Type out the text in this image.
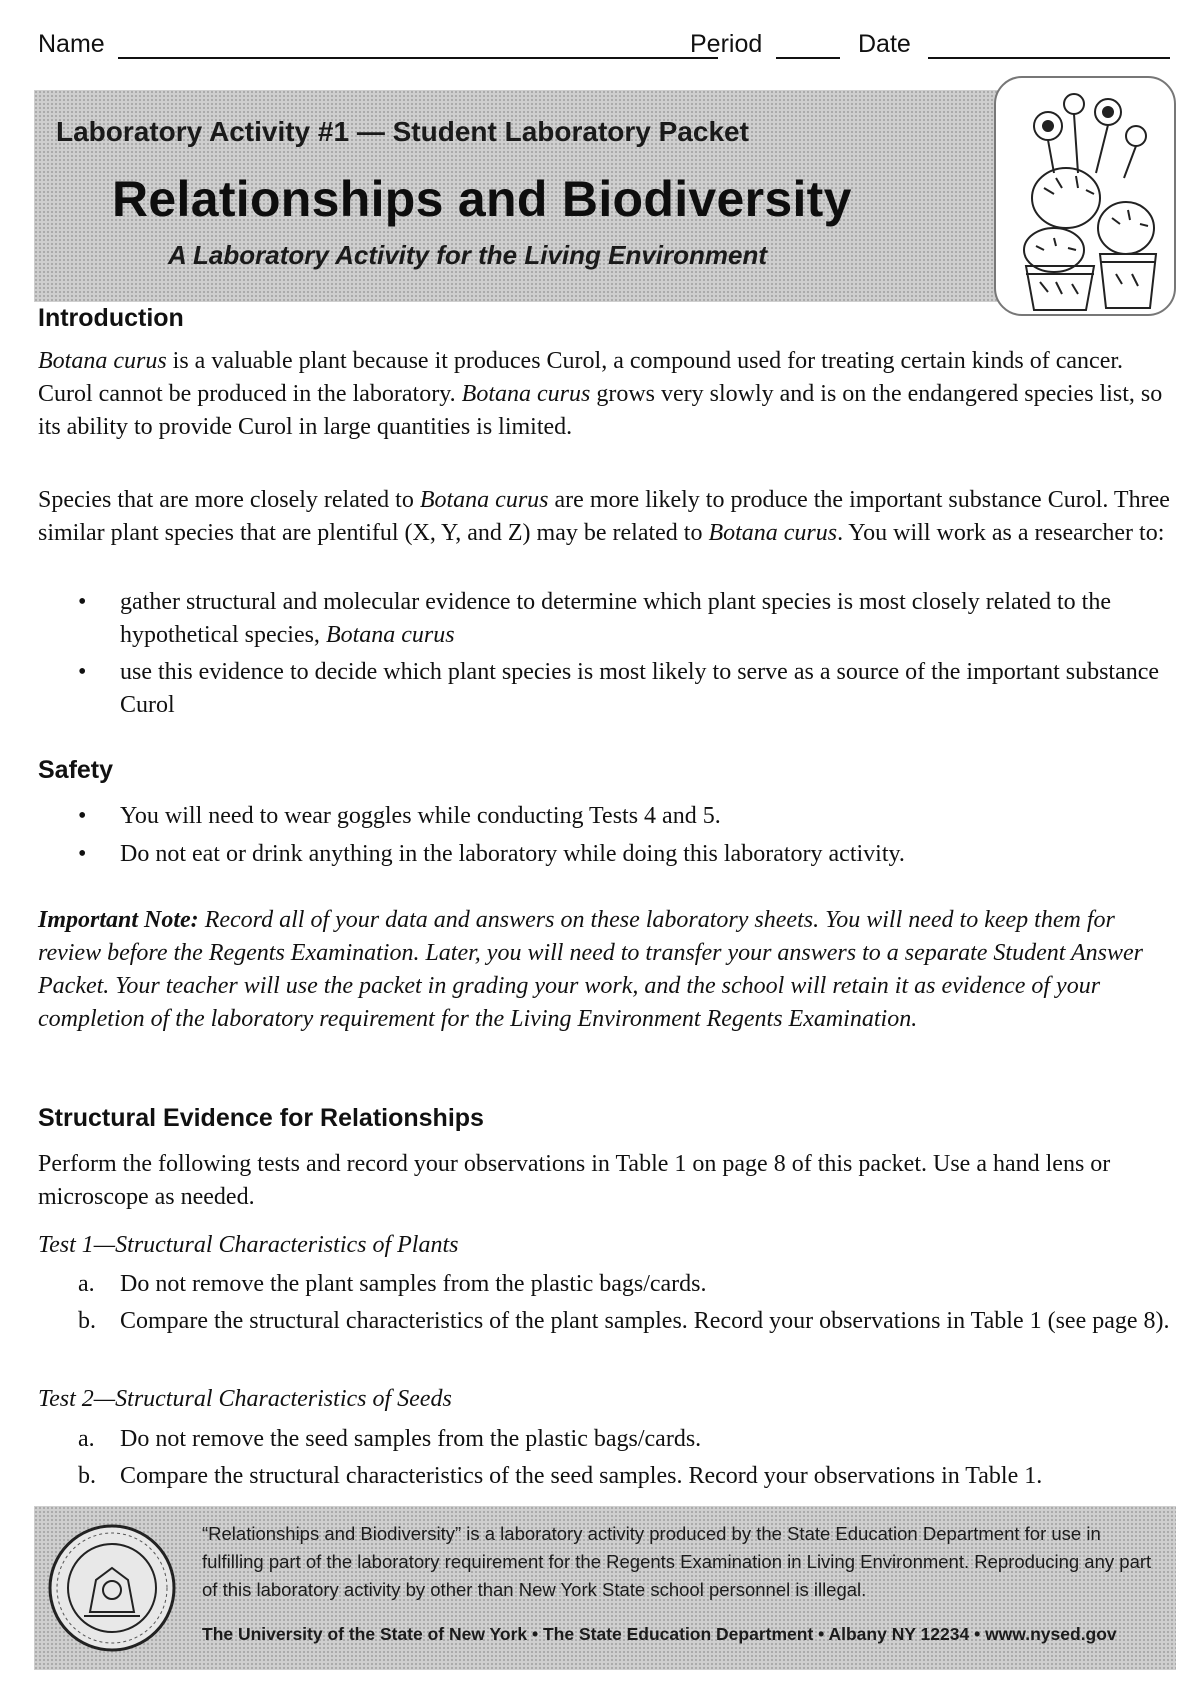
Name	Period	Date
Laboratory Activity #1 — Student Laboratory Packet
Relationships and Biodiversity
A Laboratory Activity for the Living Environment
Introduction

Botana curus is a valuable plant because it produces Curol, a compound used for treating certain kinds of cancer. Curol cannot be produced in the laboratory. Botana curus grows very slowly and is on the endangered species list, so its ability to provide Curol in large quantities is limited.

Species that are more closely related to Botana curus are more likely to produce the important substance Curol. Three similar plant species that are plentiful (X, Y, and Z) may be related to Botana curus. You will work as a researcher to:

• gather structural and molecular evidence to determine which plant species is most closely related to the hypothetical species, Botana curus
• use this evidence to decide which plant species is most likely to serve as a source of the important substance Curol
Safety
• You will need to wear goggles while conducting Tests 4 and 5.
• Do not eat or drink anything in the laboratory while doing this laboratory activity.

Important Note: Record all of your data and answers on these laboratory sheets. You will need to keep them for review before the Regents Examination. Later, you will need to transfer your answers to a separate Student Answer Packet. Your teacher will use the packet in grading your work, and the school will retain it as evidence of your completion of the laboratory requirement for the Living Environment Regents Examination.

Structural Evidence for Relationships

Perform the following tests and record your observations in Table 1 on page 8 of this packet. Use a hand lens or microscope as needed.

Test 1—Structural Characteristics of Plants
a. Do not remove the plant samples from the plastic bags/cards.
b. Compare the structural characteristics of the plant samples. Record your observations in Table 1 (see page 8).
Test 2—Structural Characteristics of Seeds
a. Do not remove the seed samples from the plastic bags/cards.
b. Compare the structural characteristics of the seed samples. Record your observations in Table 1.
“Relationships and Biodiversity” is a laboratory activity produced by the State Education Department for use in fulfilling part of the laboratory requirement for the Regents Examination in Living Environment. Reproducing any part of this laboratory activity by other than New York State school personnel is illegal.
The University of the State of New York • The State Education Department • Albany NY 12234 • www.nysed.gov
